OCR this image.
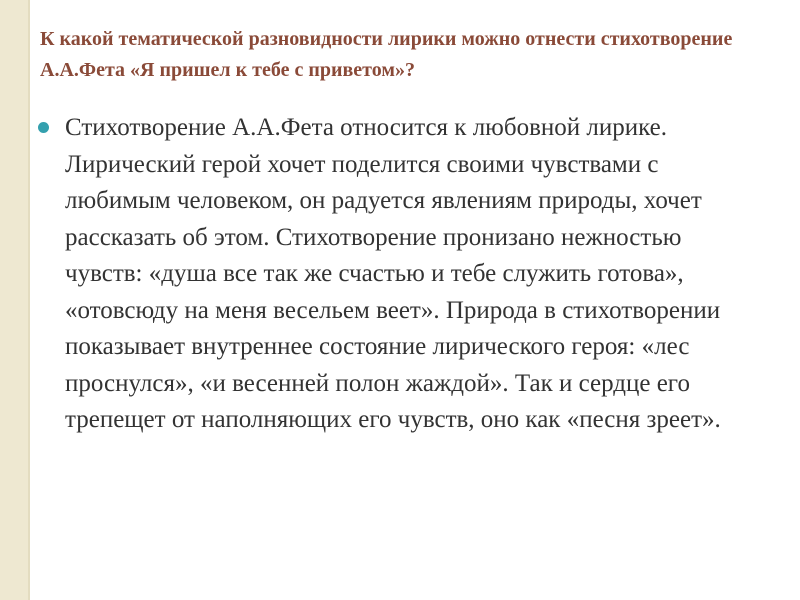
К какой тематической разновидности лирики можно отнести стихотворение А.А.Фета «Я пришел к тебе с приветом»?

Стихотворение А.А.Фета относится к любовной лирике. Лирический герой хочет поделится своими чувствами с любимым человеком, он радуется явлениям природы, хочет рассказать об этом. Стихотворение пронизано нежностью чувств: «душа все так же счастью и тебе служить готова», «отовсюду на меня весельем веет». Природа в стихотворении показывает внутреннее состояние лирического героя: «лес проснулся», «и весенней полон жаждой». Так и сердце его трепещет от наполняющих его чувств, оно как «песня зреет».
